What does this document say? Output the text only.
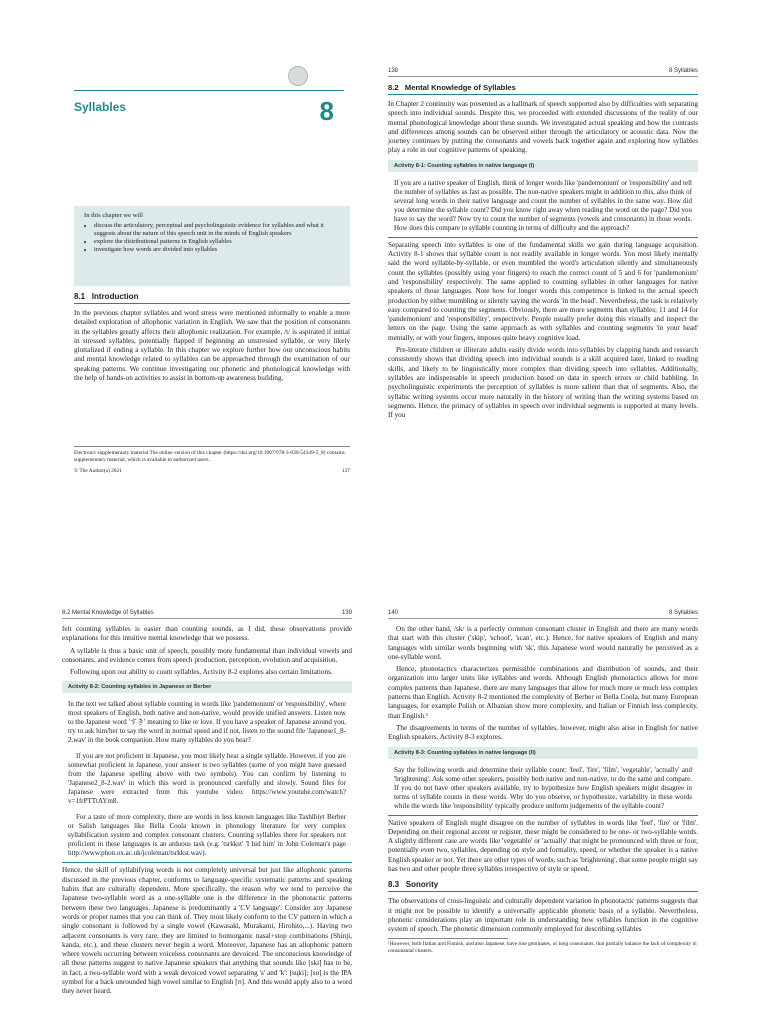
Syllables	8

In this chapter we will

• discuss the articulatory, perceptual and psycholinguistic evidence for syllables and what it suggests about the nature of this speech unit in the minds of English speakers
• explore the distributional patterns in English syllables
• investigate how words are divided into syllables
8.1 Introduction

In the previous chapter syllables and word stress were mentioned informally to enable a more detailed exploration of allophonic variation in English. We saw that the position of consonants in the syllables greatly affects their allophonic realization. For example, /t/ is aspirated if initial in stressed syllables, potentially flapped if beginning an unstressed syllable, or very likely glottalized if ending a syllable. In this chapter we explore further how our unconscious habits and mental knowledge related to syllables can be approached through the examination of our speaking patterns. We continue investigating our phonetic and phonological knowledge with the help of hands-on activities to assist in bottom-up awareness building.

Electronic supplementary material The online version of this chapter (https://doi.org/10.1007/978-3-030-54349-5_8) contains supplementary material, which is available to authorized users.
© The Author(s) 2021	137
138	8 Syllables
8.2 Mental Knowledge of Syllables

In Chapter 2 continuity was presented as a hallmark of speech supported also by difficulties with separating speech into individual sounds. Despite this, we proceeded with extended discussions of the reality of our mental phonological knowledge about these sounds. We investigated actual speaking and how the contrasts and differences among sounds can be observed either through the articulatory or acoustic data. Now the journey continues by putting the consonants and vowels back together again and exploring how syllables play a role in our cognitive patterns of speaking.

Activity 8-1: Counting syllables in native language (I)

If you are a native speaker of English, think of longer words like 'pandemonium' or 'responsibility' and tell the number of syllables as fast as possible. The non-native speakers might in addition to this, also think of several long words in their native language and count the number of syllables in the same way. How did you determine the syllable count? Did you know right away when reading the word on the page? Did you have to say the word? Now try to count the number of segments (vowels and consonants) in those words. How does this compare to syllable counting in terms of difficulty and the approach?

Separating speech into syllables is one of the fundamental skills we gain during language acquisition. Activity 8-1 shows that syllable count is not readily available in longer words. You most likely mentally said the word syllable-by-syllable, or even mumbled the word's articulation silently and simultaneously count the syllables (possibly using your fingers) to reach the correct count of 5 and 6 for 'pandemonium' and 'responsibility' respectively. The same applied to counting syllables in other languages for native speakers of those languages. Note how for longer words this competence is linked to the actual speech production by either mumbling or silently saying the words 'in the head'. Nevertheless, the task is relatively easy compared to counting the segments. Obviously, there are more segments than syllables; 11 and 14 for 'pandemonium' and 'responsibility', respectively. People usually prefer doing this visually and inspect the letters on the page. Using the same approach as with syllables and counting segments 'in your head' mentally, or with your fingers, imposes quite heavy cognitive load.

Pre-literate children or illiterate adults easily divide words into syllables by clapping hands and research consistently shows that dividing speech into individual sounds is a skill acquired later, linked to reading skills, and likely to be linguistically more complex than dividing speech into syllables. Additionally, syllables are indispensable in speech production based on data in speech errors or child babbling. In psycholinguistic experiments the perception of syllables is more salient than that of segments. Also, the syllabic writing systems occur more naturally in the history of writing than the writing systems based on segments. Hence, the primacy of syllables in speech over individual segments is supported at many levels. If you

8.2 Mental Knowledge of Syllables	139

felt counting syllables is easier than counting sounds, as I did, these observations provide explanations for this intuitive mental knowledge that we possess.

A syllable is thus a basic unit of speech, possibly more fundamental than individual vowels and consonants, and evidence comes from speech production, perception, evolution and acquisition.

Following upon our ability to count syllables, Activity 8-2 explores also certain limitations.

Activity 8-2: Counting syllables in Japanese or Berber

In the text we talked about syllable counting in words like 'pandemonium' or 'responsibility', where most speakers of English, both native and non-native, would provide unified answers. Listen now to the Japanese word 'すき' meaning to like or love. If you have a speaker of Japanese around you, try to ask him/her to say the word in normal speed and if not, listen to the sound file 'Japanese1_8-2.wav' in the book companion. How many syllables do you hear?

If you are not proficient in Japanese, you most likely hear a single syllable. However, if you are somewhat proficient in Japanese, your answer is two syllables (some of you might have guessed from the Japanese spelling above with two symbols). You can confirm by listening to 'Japanese2_8-2.wav' in which this word is pronounced carefully and slowly. Sound files for Japanese were extracted from this youtube video: https://www.youtube.com/watch?v=1frPTTtAYm8.

For a taste of more complexity, there are words in less known languages like Tashlhiyt Berber or Salish languages like Bella Coola known in phonology literature for very complex syllabification system and complex consonant clusters. Counting syllables there for speakers not proficient in these languages is an arduous task (e.g. 'tsrkkst' 'I hid him' in John Coleman's page http://www.phon.ox.ac.uk/jcoleman/tsrkkst.wav).

Hence, the skill of syllabifying words is not completely universal but just like allophonic patterns discussed in the previous chapter, conforms to language-specific systematic patterns and speaking habits that are culturally dependent. More specifically, the reason why we tend to perceive the Japanese two-syllable word as a one-syllable one is the difference in the phonotactic patterns between these two languages. Japanese is predominantly a 'CV language'. Consider any Japanese words or proper names that you can think of. They most likely conform to the CV pattern in which a single consonant is followed by a single vowel (Kawasaki, Murakami, Hirohito,...). Having two adjacent consonants is very rare, they are limited to homorganic nasal+stop combinations (Shinji, kanda, etc.), and these clusters never begin a word. Moreover, Japanese has an allophonic pattern where vowels occurring between voiceless consonants are devoiced. The unconscious knowledge of all these patterns suggest to native Japanese speakers that anything that sounds like [skɨ] has to be, in fact, a two-syllable word with a weak devoiced vowel separating 's' and 'k': [su̥ki]; [su] is the IPA symbol for a back unrounded high vowel similar to English [ʊ]. And this would apply also to a word they never heard.

140	8 Syllables

On the other hand, /sk/ is a perfectly common consonant cluster in English and there are many words that start with this cluster ('skip', 'school', 'scan', etc.). Hence, for native speakers of English and many languages with similar words beginning with 'sk', this Japanese word would naturally be perceived as a one-syllable word.

Hence, phonotactics characterizes permissible combinations and distribution of sounds, and their organization into larger units like syllables and words. Although English phonotactics allows for more complex patterns than Japanese, there are many languages that allow for much more or much less complex patterns than English. Activity 8-2 mentioned the complexity of Berber or Bella Coola, but many European languages, for example Polish or Albanian show more complexity, and Italian or Finnish less complexity, than English.¹

The disagreements in terms of the number of syllables, however, might also arise in English for native English speakers. Activity 8-3 explores.

Activity 8-3: Counting syllables in native language (II)

Say the following words and determine their syllable count: 'feel', 'fire', 'film', 'vegetable', 'actually' and 'brightening'. Ask some other speakers, possibly both native and non-native, to do the same and compare. If you do not have other speakers available, try to hypothesize how English speakers might disagree in terms of syllable counts in these words. Why do you observe, or hypothesize, variability in these words while the words like 'responsibility' typically produce uniform judgements of the syllable count?

Native speakers of English might disagree on the number of syllables in words like 'feel', 'fire' or 'film'. Depending on their regional accent or register, these might be considered to be one- or two-syllable words. A slightly different case are words like 'vegetable' or 'actually' that might be pronounced with three or four, potentially even two, syllables, depending on style and formality, speed, or whether the speaker is a native English speaker or not. Yet there are other types of words, such as 'brightening', that some people might say has two and other people three syllables irrespective of style or speed.

8.3 Sonority

The observations of cross-linguistic and culturally dependent variation in phonotactic patterns suggests that it might not be possible to identify a universally applicable phonetic basis of a syllable. Nevertheless, phonetic considerations play an important role in understanding how syllables function in the cognitive system of speech. The phonetic dimension commonly employed for describing syllables

¹However, both Italian and Finnish, and also Japanese, have true geminates, or long consonants, that partially balance the lack of complexity in consonantal clusters.
